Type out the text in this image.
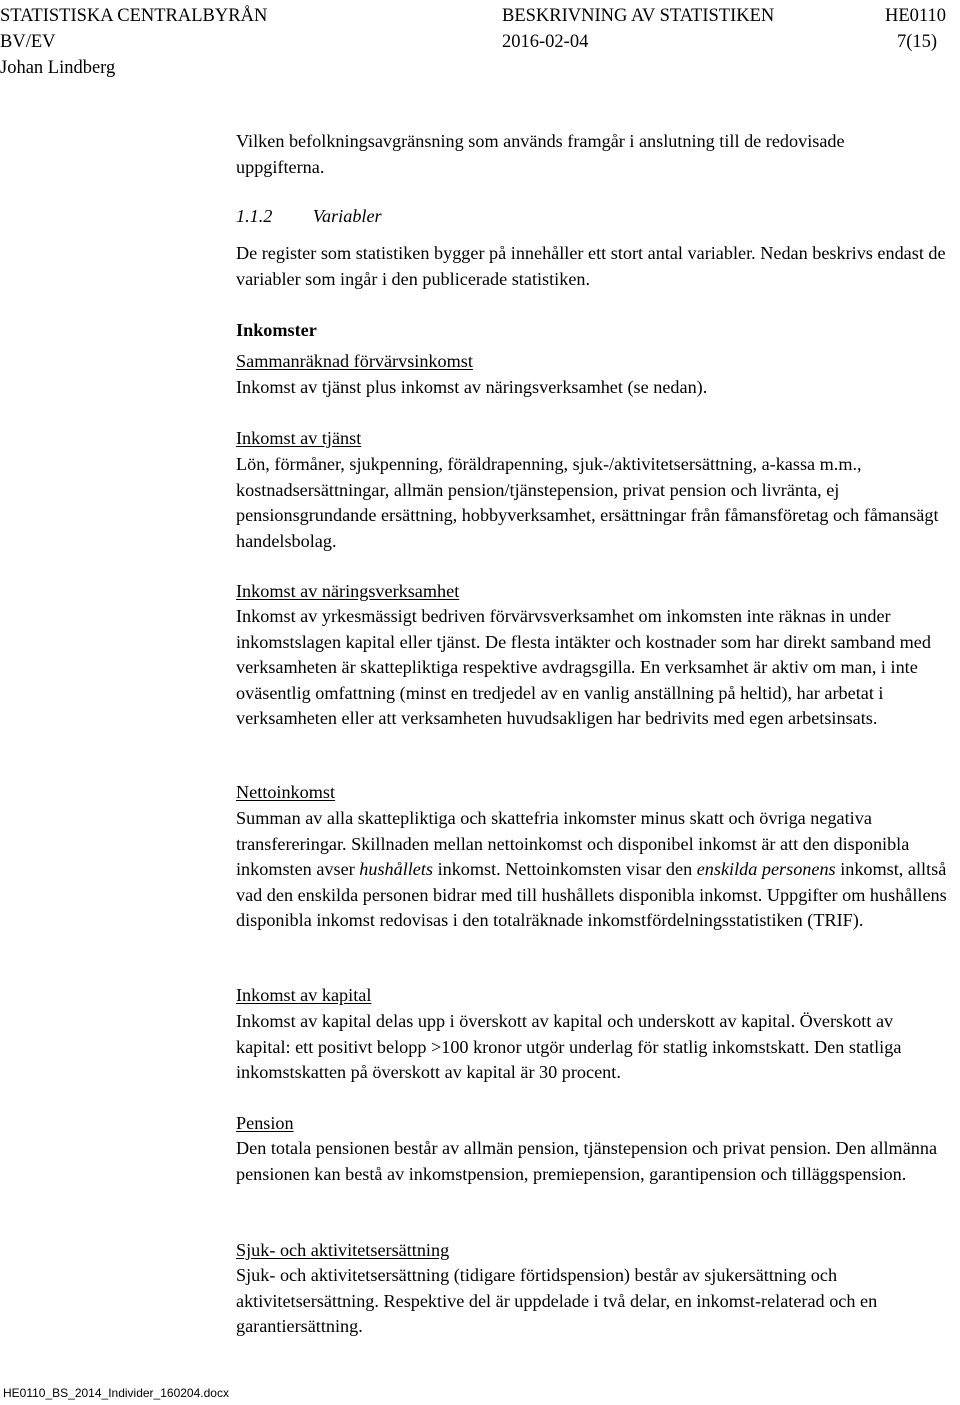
STATISTISKA CENTRALBYRÅN	BESKRIVNING AV STATISTIKEN	HE0110
BV/EV	2016-02-04	7(15)
Johan Lindberg

Vilken befolkningsavgränsning som används framgår i anslutning till de redovisade uppgifterna.

1.1.2 Variabler

De register som statistiken bygger på innehåller ett stort antal variabler. Nedan beskrivs endast de variabler som ingår i den publicerade statistiken.

Inkomster
Sammanräknad förvärvsinkomst

Inkomst av tjänst plus inkomst av näringsverksamhet (se nedan).

Inkomst av tjänst

Lön, förmåner, sjukpenning, föräldrapenning, sjuk-/aktivitetsersättning, a-kassa m.m., kostnadsersättningar, allmän pension/tjänstepension, privat pension och livränta, ej pensionsgrundande ersättning, hobbyverksamhet, ersättningar från fåmansföretag och fåmansägt handelsbolag.

Inkomst av näringsverksamhet

Inkomst av yrkesmässigt bedriven förvärvsverksamhet om inkomsten inte räknas in under inkomstslagen kapital eller tjänst. De flesta intäkter och kostnader som har direkt samband med verksamheten är skattepliktiga respektive avdragsgilla. En verksamhet är aktiv om man, i inte oväsentlig omfattning (minst en tredjedel av en vanlig anställning på heltid), har arbetat i verksamheten eller att verksamheten huvudsakligen har bedrivits med egen arbetsinsats.

Nettoinkomst

Summan av alla skattepliktiga och skattefria inkomster minus skatt och övriga negativa transfereringar. Skillnaden mellan nettoinkomst och disponibel inkomst är att den disponibla inkomsten avser hushållets inkomst. Nettoinkomsten visar den enskilda personens inkomst, alltså vad den enskilda personen bidrar med till hushållets disponibla inkomst. Uppgifter om hushållens disponibla inkomst redovisas i den totalräknade inkomstfördelningsstatistiken (TRIF).

Inkomst av kapital

Inkomst av kapital delas upp i överskott av kapital och underskott av kapital. Överskott av kapital: ett positivt belopp >100 kronor utgör underlag för statlig inkomstskatt. Den statliga inkomstskatten på överskott av kapital är 30 procent.

Pension

Den totala pensionen består av allmän pension, tjänstepension och privat pension. Den allmänna pensionen kan bestå av inkomstpension, premiepension, garantipension och tilläggspension.

Sjuk- och aktivitetsersättning

Sjuk- och aktivitetsersättning (tidigare förtidspension) består av sjukersättning och aktivitetsersättning. Respektive del är uppdelade i två delar, en inkomst-relaterad och en garantiersättning.

HE0110_BS_2014_Individer_160204.docx
